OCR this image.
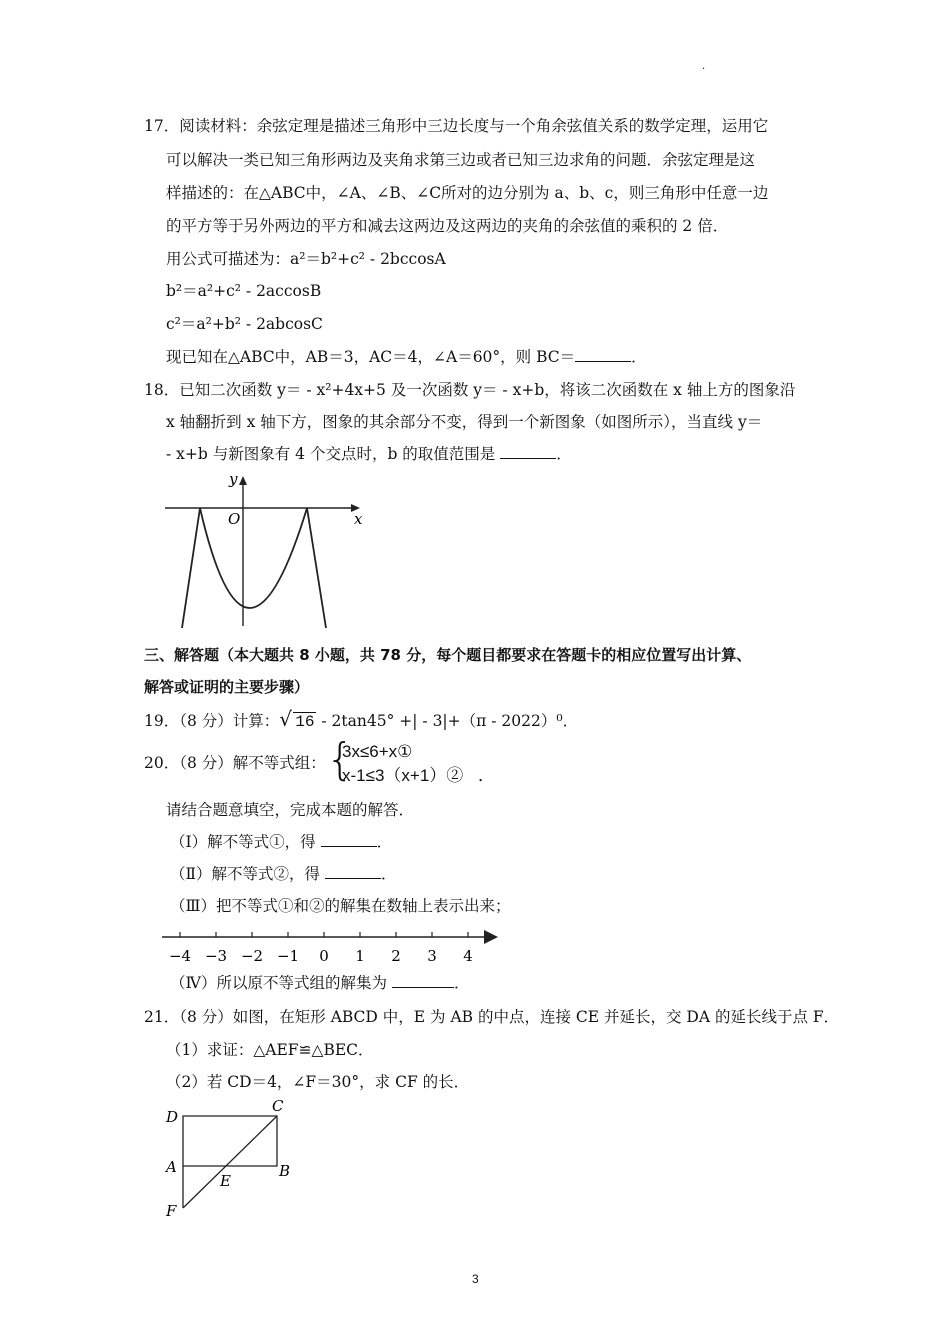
·
17．阅读材料：余弦定理是描述三角形中三边长度与一个角余弦值关系的数学定理，运用它
可以解决一类已知三角形两边及夹角求第三边或者已知三边求角的问题．余弦定理是这
样描述的：在△ABC中，∠A、∠B、∠C所对的边分别为 a、b、c，则三角形中任意一边
的平方等于另外两边的平方和减去这两边及这两边的夹角的余弦值的乘积的 2 倍．
用公式可描述为：a²＝b²+c² - 2bccosA
b²＝a²+c² - 2accosB
c²＝a²+b² - 2abcosC
现已知在△ABC中，AB＝3，AC＝4，∠A＝60°，则 BC＝	．
18．已知二次函数 y＝ - x²+4x+5 及一次函数 y＝ - x+b，将该二次函数在 x 轴上方的图象沿
x 轴翻折到 x 轴下方，图象的其余部分不变，得到一个新图象（如图所示），当直线 y＝
- x+b 与新图象有 4 个交点时，b 的取值范围是	．
y
x
O
三、解答题（本大题共 8 小题，共 78 分，每个题目都要求在答题卡的相应位置写出计算、
解答或证明的主要步骤）
19．（8 分）计算： √ 16 - 2tan45° +| - 3|+（π - 2022）⁰．
20．（8 分）解不等式组： {
3x≤6+x①
x-1≤3（x+1）② ．
请结合题意填空，完成本题的解答．
（Ⅰ）解不等式①，得	．
（Ⅱ）解不等式②，得	．
（Ⅲ）把不等式①和②的解集在数轴上表示出来；
−4 −3 −2 −1 0 1 2 3 4
（Ⅳ）所以原不等式组的解集为	．
21．（8 分）如图，在矩形 ABCD 中，E 为 AB 的中点，连接 CE 并延长，交 DA 的延长线于点 F．
（1）求证：△AEF≌△BEC．
（2）若 CD＝4，∠F＝30°，求 CF 的长．
D
C
A	B
E
F
3
